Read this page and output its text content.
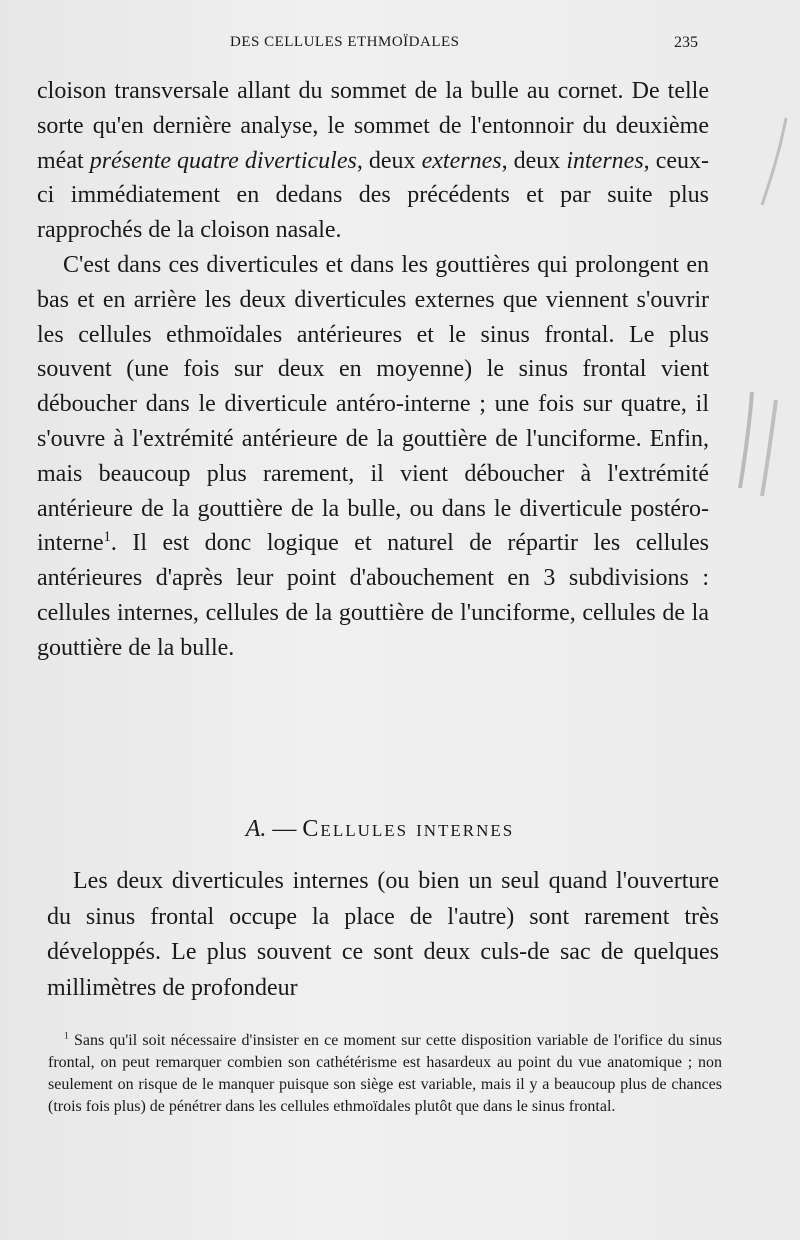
DES CELLULES ETHMOÏDALES	235

cloison transversale allant du sommet de la bulle au cornet. De telle sorte qu'en dernière analyse, le sommet de l'entonnoir du deuxième méat présente quatre diverticules, deux externes, deux internes, ceux-ci immédiatement en dedans des précédents et par suite plus rapprochés de la cloison nasale.

C'est dans ces diverticules et dans les gouttières qui prolongent en bas et en arrière les deux diverticules externes que viennent s'ouvrir les cellules ethmoïdales antérieures et le sinus frontal. Le plus souvent (une fois sur deux en moyenne) le sinus frontal vient déboucher dans le diverticule antéro-interne ; une fois sur quatre, il s'ouvre à l'extrémité antérieure de la gouttière de l'unciforme. Enfin, mais beaucoup plus rarement, il vient déboucher à l'extrémité antérieure de la gouttière de la bulle, ou dans le diverticule postéro-interne$^1$. Il est donc logique et naturel de répartir les cellules antérieures d'après leur point d'abouchement en 3 subdivisions : cellules internes, cellules de la gouttière de l'unciforme, cellules de la gouttière de la bulle.

A. — Cellules internes

Les deux diverticules internes (ou bien un seul quand l'ouverture du sinus frontal occupe la place de l'autre) sont rarement très développés. Le plus souvent ce sont deux culs-de sac de quelques millimètres de profondeur

$^1$ Sans qu'il soit nécessaire d'insister en ce moment sur cette disposition variable de l'orifice du sinus frontal, on peut remarquer combien son cathétérisme est hasardeux au point du vue anatomique ; non seulement on risque de le manquer puisque son siège est variable, mais il y a beaucoup plus de chances (trois fois plus) de pénétrer dans les cellules ethmoïdales plutôt que dans le sinus frontal.
